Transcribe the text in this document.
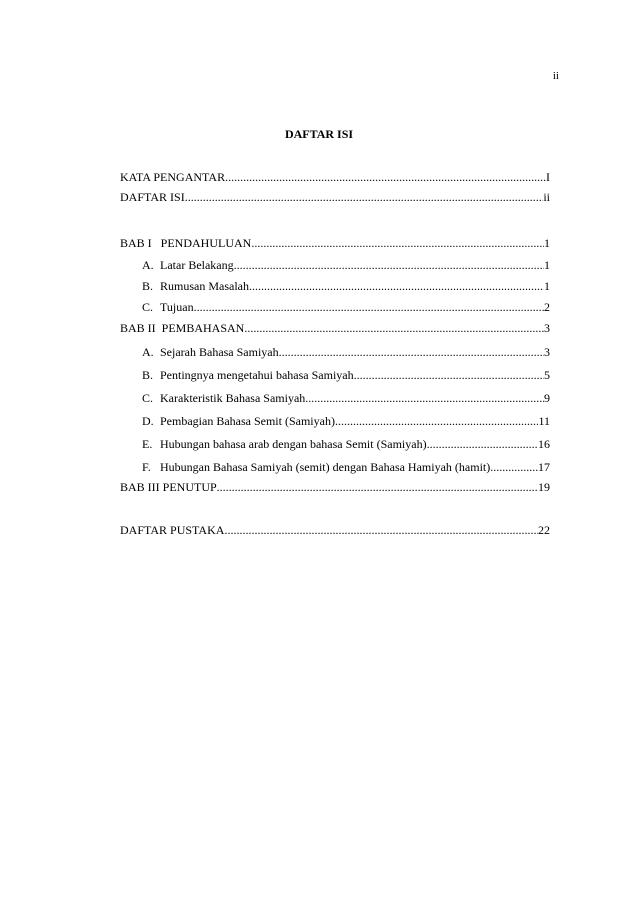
ii
DAFTAR ISI
KATA PENGANTAR .....	I
DAFTAR ISI .....	ii
BAB I   PENDAHULUAN .....	1
A. Latar Belakang .....	1
B. Rumusan Masalah .....	1
C. Tujuan .....	2
BAB II  PEMBAHASAN .....	3
A. Sejarah Bahasa Samiyah .....	3
B. Pentingnya mengetahui bahasa Samiyah .....	5
C. Karakteristik Bahasa Samiyah .....	9
D. Pembagian Bahasa Semit (Samiyah) .....	11
E. Hubungan bahasa arab dengan bahasa Semit (Samiyah) .....	16
F. Hubungan Bahasa Samiyah (semit) dengan Bahasa Hamiyah (hamit) .....	17
BAB III PENUTUP .....	19
DAFTAR PUSTAKA .....	22
